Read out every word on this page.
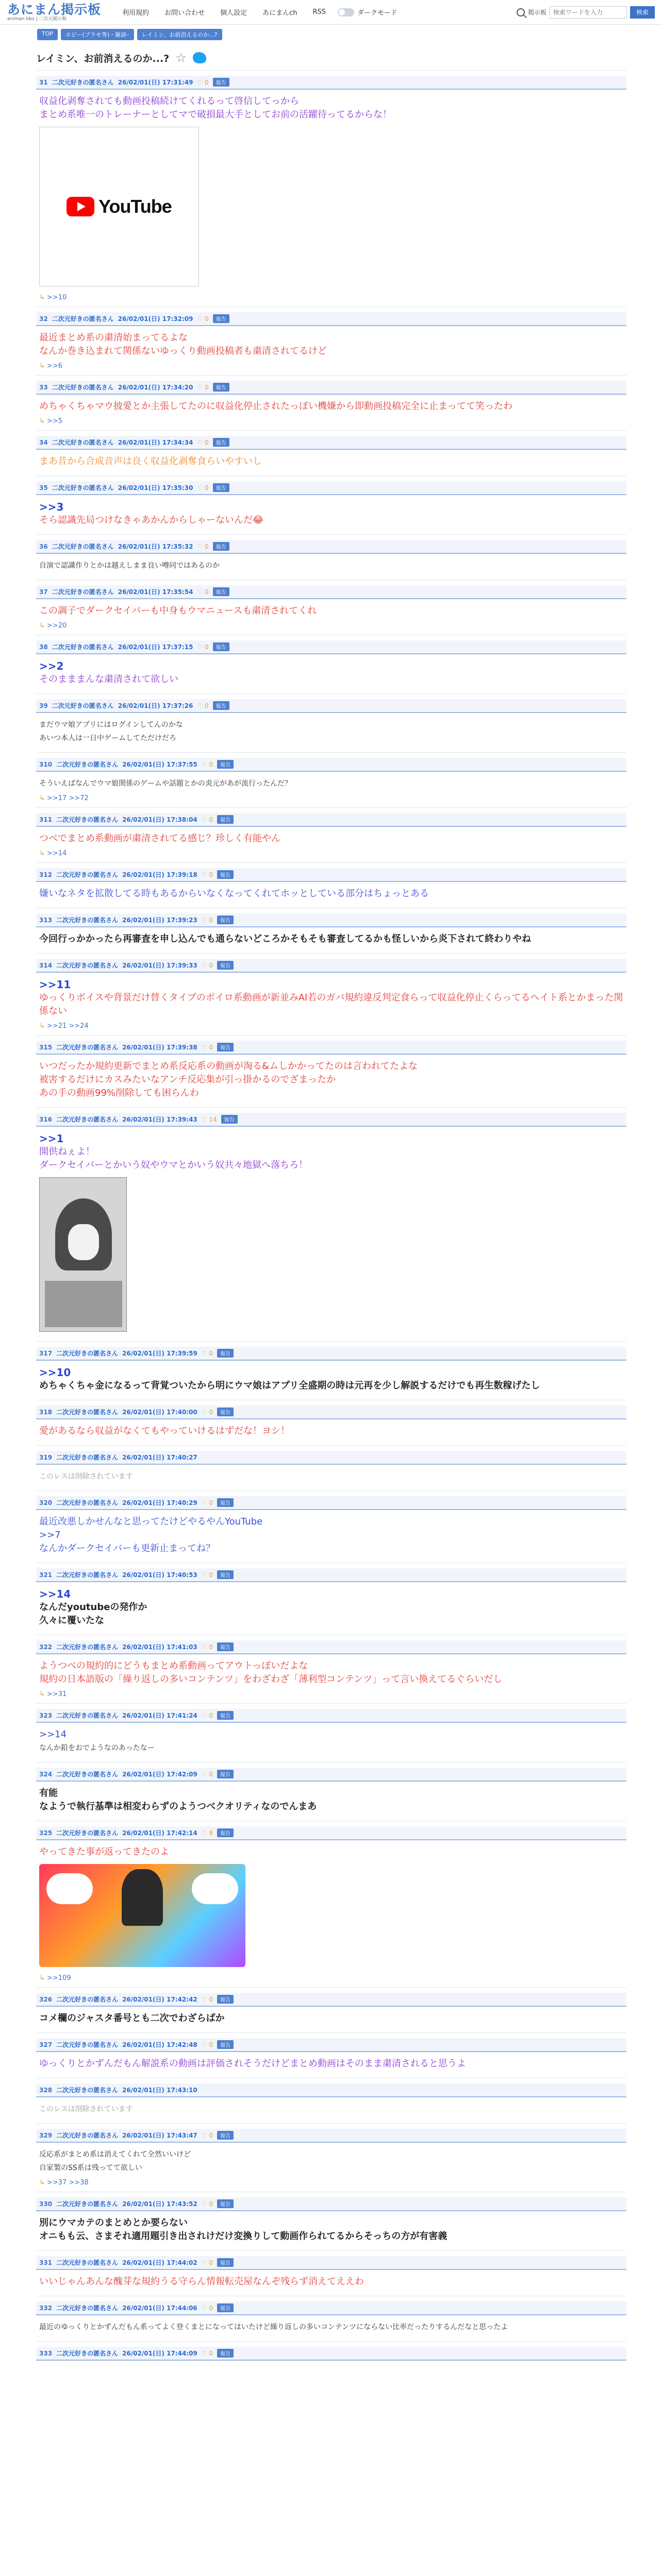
あにまん掲示板
animan bbs | 二次元掲示板
利用規約	お問い合わせ	個人設定	あにまんch	RSS	ダークモード	掲示板
検索ワードを入力	検索
TOP	ホビー(プラモ等)・雑談ｰ	レイミン、お前消えるのか...?
レイミン、お前消えるのか...? ☆
31 二次元好きの匿名さん 26/02/01(日) 17:31:49 ♡ 0	報告
収益化剥奪されても動画投稿続けてくれるって啓信してっから
まとめ系唯一のトレーナーとしてマで破損最大手としてお前の活躍待ってるからな！
YouTube
↳ >>10
32 二次元好きの匿名さん 26/02/01(日) 17:32:09 ♡ 0	報告
最近まとめ系の粛清始まってるよな
なんか巻き込まれて関係ないゆっくり動画投稿者も粛清されてるけど
↳ >>6
33 二次元好きの匿名さん 26/02/01(日) 17:34:20 ♡ 0	報告
めちゃくちゃマウ披愛とか主張してたのに収益化停止されたっぽい機嫌から即動画投稿完全に止まってて笑ったわ
↳ >>5
34 二次元好きの匿名さん 26/02/01(日) 17:34:34 ♡ 0	報告
まあ昔から合成音声は良く収益化剥奪食らいやすいし
35 二次元好きの匿名さん 26/02/01(日) 17:35:30 ♡ 0	報告
>>3
そら認識先局つけなきゃあかんからしゃーないんだ😂
36 二次元好きの匿名さん 26/02/01(日) 17:35:32 ♡ 0	報告
自演で認識作りとかは越えしまま良い噂同ではあるのか
37 二次元好きの匿名さん 26/02/01(日) 17:35:54 ♡ 0	報告
この調子でダークセイバーも中身もウマニュースも粛清されてくれ
↳ >>20
38 二次元好きの匿名さん 26/02/01(日) 17:37:15 ♡ 0	報告
>>2
そのまままんな粛清されて欲しい
39 二次元好きの匿名さん 26/02/01(日) 17:37:26 ♡ 0	報告
まだウマ娘アプリにはログインしてんのかな
あいつ本人は一日中ゲームしてただけだろ
310 二次元好きの匿名さん 26/02/01(日) 17:37:55 ♡ 0	報告
そういえばなんでウマ娘関係のゲームや話題とかの炎元があが流行ったんだ？
↳ >>17 >>72
311 二次元好きの匿名さん 26/02/01(日) 17:38:04 ♡ 0	報告
つべでまとめ系動画が粛清されてる感じ？珍しく有能やん
↳ >>14
312 二次元好きの匿名さん 26/02/01(日) 17:39:18 ♡ 0	報告
嫌いなネタを拡散してる時もあるからいなくなってくれてホッとしている部分はちょっとある
313 二次元好きの匿名さん 26/02/01(日) 17:39:23 ♡ 0	報告
今回行っかかったら再審査を申し込んでも通らないどころかそもそも審査してるかも怪しいから炎下されて終わりやね
314 二次元好きの匿名さん 26/02/01(日) 17:39:33 ♡ 0	報告
>>11
ゆっくりボイスや背景だけ替くタイプのボイロ系動画が新並みAI若のガバ規約違反判定食らって収益化停止くらってるヘイト系とかまった関係ない
↳ >>21 >>24
315 二次元好きの匿名さん 26/02/01(日) 17:39:38 ♡ 0	報告
いつだったか規約更新でまとめ系反応系の動画が淘る&ムしかかってたのは言われてたよな
被害するだけにカスみたいなアンチ反応集が引っ掛かるのでざまったか
あの手の動画99%削除しても困らんわ
316 二次元好きの匿名さん 26/02/01(日) 17:39:43 ♡ 14	報告
>>1
開供ねぇよ！
ダークセイバーとかいう奴やウマとかいう奴共々地獄へ落ちろ！
317 二次元好きの匿名さん 26/02/01(日) 17:39:59 ♡ 0	報告
>>10
めちゃくちゃ金になるって背覚ついたから明にウマ娘はアプリ全盛期の時は元再を少し解説するだけでも再生数稼げたし
318 二次元好きの匿名さん 26/02/01(日) 17:40:00 ♡ 0	報告
愛があるなら収益がなくてもやっていけるはずだな！ヨシ！
319 二次元好きの匿名さん 26/02/01(日) 17:40:27
このレスは削除されています
320 二次元好きの匿名さん 26/02/01(日) 17:40:29 ♡ 0	報告
最近改悪しかせんなと思ってたけどやるやんYouTube
>>7
なんかダークセイバーも更新止まってね？
321 二次元好きの匿名さん 26/02/01(日) 17:40:53 ♡ 0	報告
>>14
なんだyoutubeの発作か
久々に覆いたな
322 二次元好きの匿名さん 26/02/01(日) 17:41:03 ♡ 0	報告
ようつべの規約的にどうもまとめ系動画ってアウトっぽいだよな
規約の日本語版の「繰り返しの多いコンテンツ」をわざわざ「薄利型コンテンツ」って言い換えてるぐらいだし
↳ >>31
323 二次元好きの匿名さん 26/02/01(日) 17:41:24 ♡ 0	報告
>>14
なんか鉛をおでようなのあったなー
324 二次元好きの匿名さん 26/02/01(日) 17:42:09 ♡ 0	報告
有能
なようで執行基準は相変わらずのようつべクオリティなのでんまあ
325 二次元好きの匿名さん 26/02/01(日) 17:42:14 ♡ 8	報告
やってきた事が返ってきたのよ
↳ >>109
326 二次元好きの匿名さん 26/02/01(日) 17:42:42 ♡ 0	報告
コメ欄のジャスタ番号とも二次でわざらばか
327 二次元好きの匿名さん 26/02/01(日) 17:42:48 ♡ 0	報告
ゆっくりとかずんだもん解説系の動画は評価されそうだけどまとめ動画はそのまま粛清されると思うよ
328 二次元好きの匿名さん 26/02/01(日) 17:43:10
このレスは削除されています
329 二次元好きの匿名さん 26/02/01(日) 17:43:47 ♡ 0	報告
反応系がまとめ系は消えてくれて全然いいけど
自家製のSS系は残ってて欲しい
↳ >>37 >>38
330 二次元好きの匿名さん 26/02/01(日) 17:43:52 ♡ 0	報告
別にウマカテのまとめとか要らない
オニもも云、さまそれ適用題引き出されけだけ変換りして動画作られてるからそっちの方が有害義
331 二次元好きの匿名さん 26/02/01(日) 17:44:02 ♡ 0	報告
いいじゃんあんな醜芽な規約うる守らん情報転売屋なんぞ残らず消えてええわ
332 二次元好きの匿名さん 26/02/01(日) 17:44:06 ♡ 0	報告
最近のゆっくりとかずんだもん系ってよく登くまとになってはいたけど繰り返しの多いコンテンツにならない比率だったりするんだなと思ったよ
333 二次元好きの匿名さん 26/02/01(日) 17:44:09 ♡ 0	報告
